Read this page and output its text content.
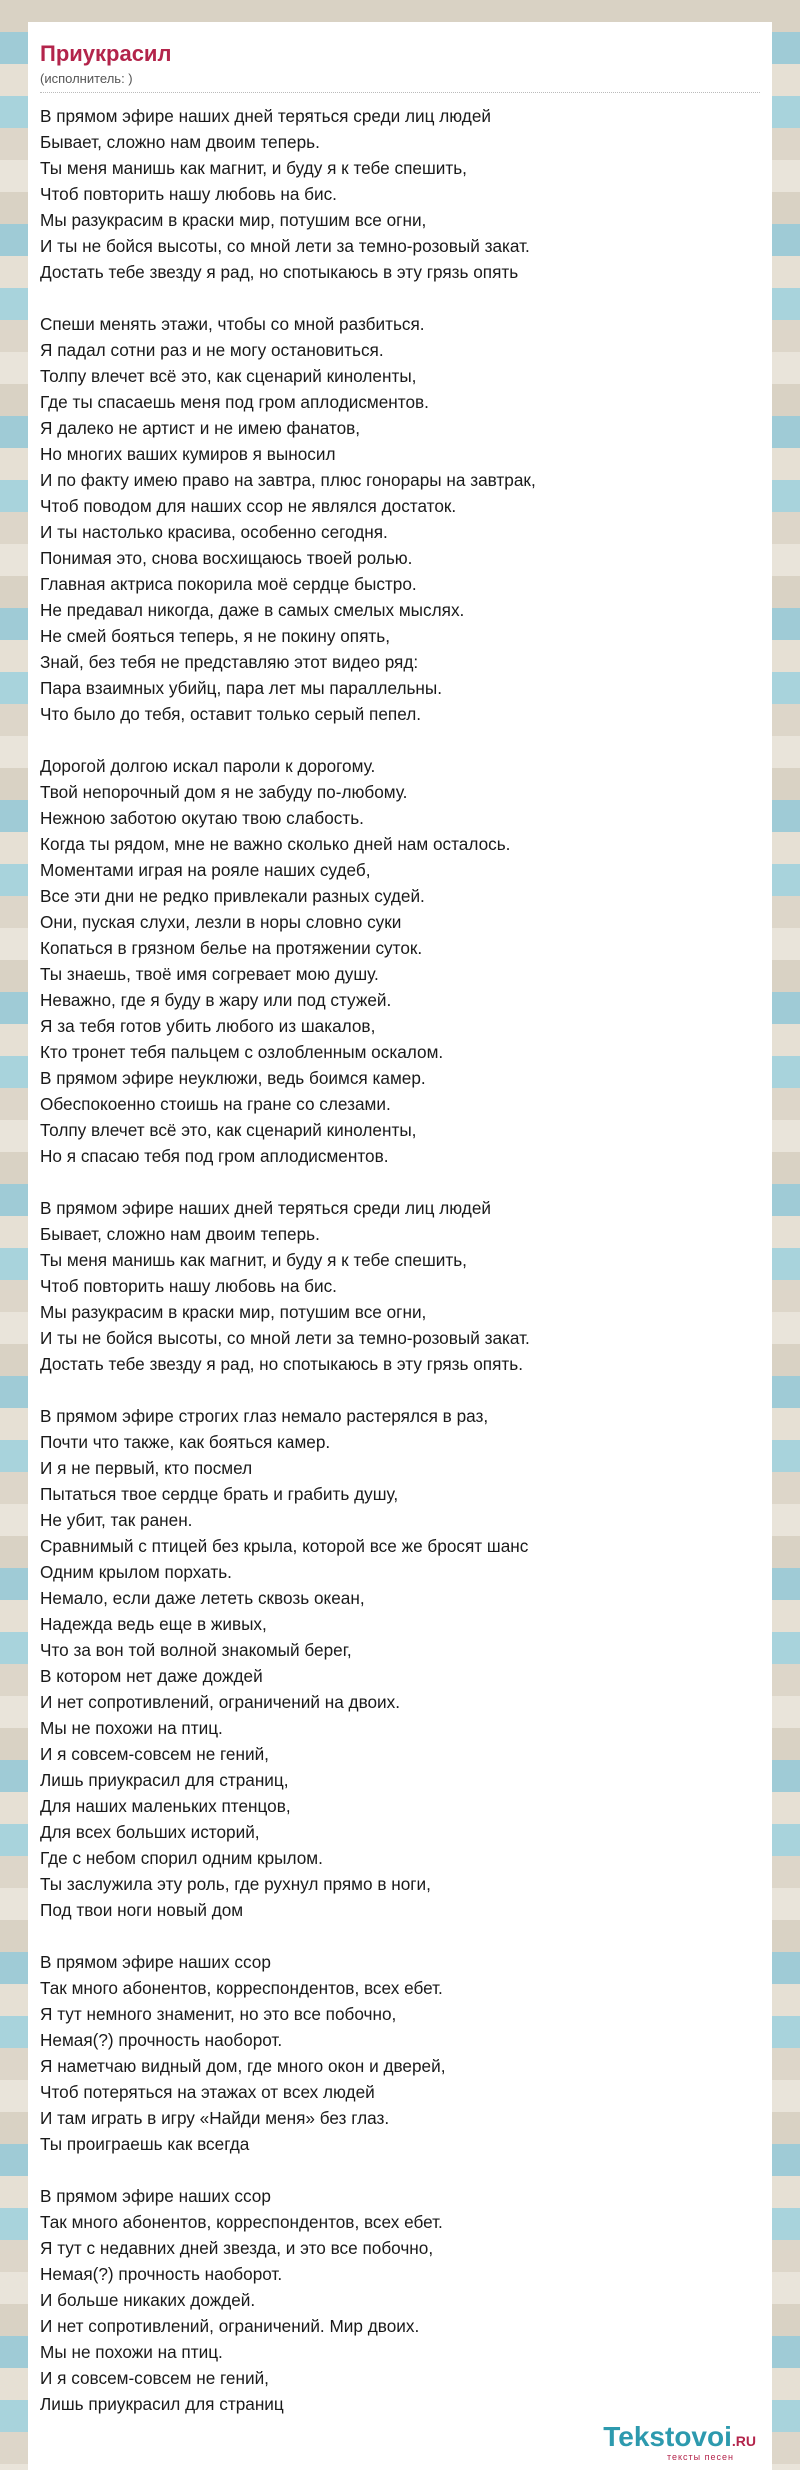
Приукрасил
(исполнитель: )
В прямом эфире наших дней теряться среди лиц людей
Бывает, сложно нам двоим теперь.
Ты меня манишь как магнит, и буду я к тебе спешить,
Чтоб повторить нашу любовь на бис.
Мы разукрасим в краски мир, потушим все огни,
И ты не бойся высоты, со мной лети за темно-розовый закат.
Достать тебе звезду я рад, но спотыкаюсь в эту грязь опять
Спеши менять этажи, чтобы со мной разбиться.
Я падал сотни раз и не могу остановиться.
Толпу влечет всё это, как сценарий киноленты,
Где ты спасаешь меня под гром аплодисментов.
Я далеко не артист и не имею фанатов,
Но многих ваших кумиров я выносил
И по факту имею право на завтра, плюс гонорары на завтрак,
Чтоб поводом для наших ссор не являлся достаток.
И ты настолько красива, особенно сегодня.
Понимая это, снова восхищаюсь твоей ролью.
Главная актриса покорила моё сердце быстро.
Не предавал никогда, даже в самых смелых мыслях.
Не смей бояться теперь, я не покину опять,
Знай, без тебя не представляю этот видео ряд:
Пара взаимных убийц, пара лет мы параллельны.
Что было до тебя, оставит только серый пепел.
Дорогой долгою искал пароли к дорогому.
Твой непорочный дом я не забуду по-любому.
Нежною заботою окутаю твою слабость.
Когда ты рядом, мне не важно сколько дней нам осталось.
Моментами играя на рояле наших судеб,
Все эти дни не редко привлекали разных судей.
Они, пуская слухи, лезли в норы словно суки
Копаться в грязном белье на протяжении суток.
Ты знаешь, твоё имя согревает мою душу.
Неважно, где я буду в жару или под стужей.
Я за тебя готов убить любого из шакалов,
Кто тронет тебя пальцем с озлобленным оскалом.
В прямом эфире неуклюжи, ведь боимся камер.
Обеспокоенно стоишь на гране со слезами.
Толпу влечет всё это, как сценарий киноленты,
Но я спасаю тебя под гром аплодисментов.
В прямом эфире наших дней теряться среди лиц людей
Бывает, сложно нам двоим теперь.
Ты меня манишь как магнит, и буду я к тебе спешить,
Чтоб повторить нашу любовь на бис.
Мы разукрасим в краски мир, потушим все огни,
И ты не бойся высоты, со мной лети за темно-розовый закат.
Достать тебе звезду я рад, но спотыкаюсь в эту грязь опять.
В прямом эфире строгих глаз немало растерялся в раз,
Почти что также, как бояться камер.
И я не первый, кто посмел
Пытаться твое сердце брать и грабить душу,
Не убит, так ранен.
Сравнимый с птицей без крыла, которой все же бросят шанс
Одним крылом порхать.
Немало, если даже лететь сквозь океан,
Надежда ведь еще в живых,
Что за вон той волной знакомый берег,
В котором нет даже дождей
И нет сопротивлений, ограничений на двоих.
Мы не похожи на птиц.
И я совсем-совсем не гений,
Лишь приукрасил для страниц,
Для наших маленьких птенцов,
Для всех больших историй,
Где с небом спорил одним крылом.
Ты заслужила эту роль, где рухнул прямо в ноги,
Под твои ноги новый дом
В прямом эфире наших ссор
Так много абонентов, корреспондентов, всех ебет.
Я тут немного знаменит, но это все побочно,
Немая(?) прочность наоборот.
Я наметчаю видный дом, где много окон и дверей,
Чтоб потеряться на этажах от всех людей
И там играть в игру «Найди меня» без глаз.
Ты проиграешь как всегда
В прямом эфире наших ссор
Так много абонентов, корреспондентов, всех ебет.
Я тут с недавних дней звезда, и это все побочно,
Немая(?) прочность наоборот.
И больше никаких дождей.
И нет сопротивлений, ограничений. Мир двоих.
Мы не похожи на птиц.
И я совсем-совсем не гений,
Лишь приукрасил для страниц
Tekstovoi.RU
тексты песен
